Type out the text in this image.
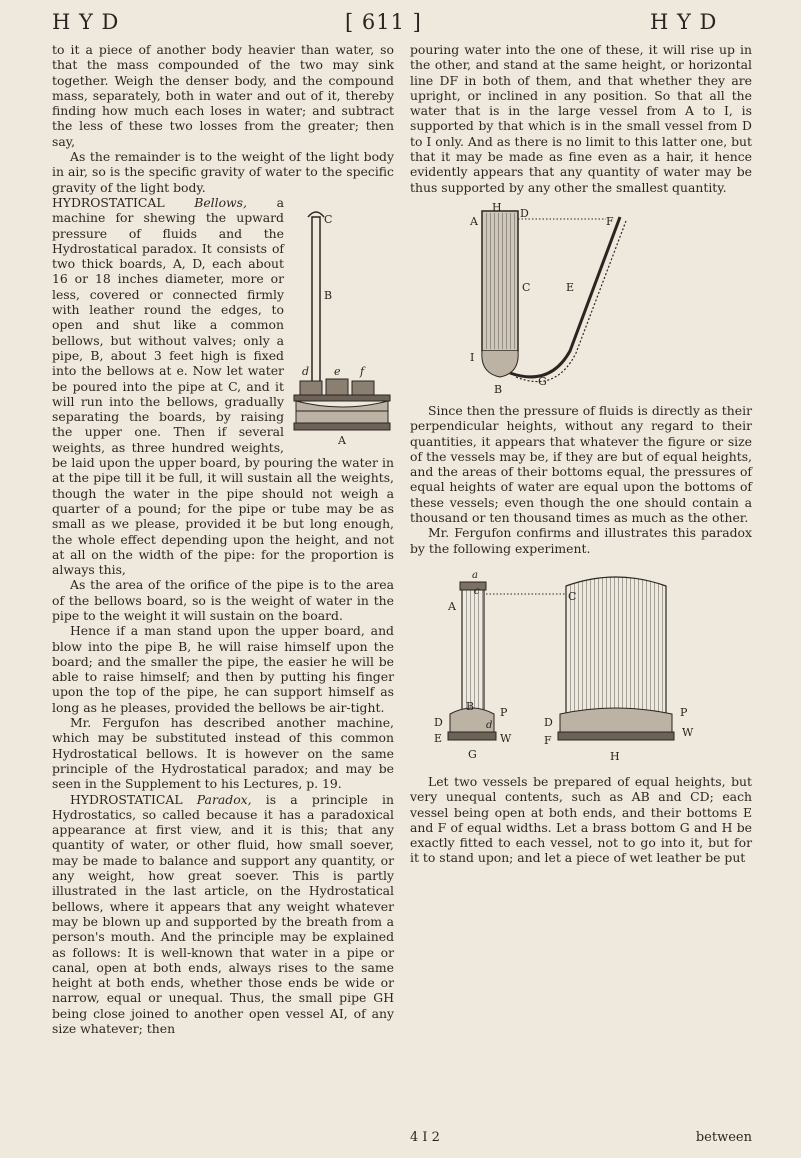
H Y D	[ 611 ]	H Y D

to it a piece of another body heavier than water, so that the mass compounded of the two may sink together. Weigh the denser body, and the compound mass, separately, both in water and out of it, thereby finding how much each loses in water; and subtract the less of these two losses from the greater; then say,

As the remainder is to the weight of the light body in air, so is the specific gravity of water to the specific gravity of the light body.

C
B
d e f
A
HYDROSTATICAL Bellows, a machine for shewing the upward pressure of fluids and the Hydrostatical paradox. It consists of two thick boards, A, D, each about 16 or 18 inches diameter, more or less, covered or connected firmly with leather round the edges, to open and shut like a common bellows, but without valves; only a pipe, B, about 3 feet high is fixed into the bellows at e. Now let water be poured into the pipe at C, and it will run into the bellows, gradually separating the boards, by raising the upper one. Then if several weights, as three hundred weights, be laid upon the upper board, by pouring the water in at the pipe till it be full, it will sustain all the weights, though the water in the pipe should not weigh a quarter of a pound; for the pipe or tube may be as small as we please, provided it be but long enough, the whole effect depending upon the height, and not at all on the width of the pipe: for the proportion is always this,

As the area of the orifice of the pipe is to the area of the bellows board, so is the weight of water in the pipe to the weight it will sustain on the board.

Hence if a man stand upon the upper board, and blow into the pipe B, he will raise himself upon the board; and the smaller the pipe, the easier he will be able to raise himself; and then by putting his finger upon the top of the pipe, he can support himself as long as he pleases, provided the bellows be air-tight.

Mr. Fergufon has described another machine, which may be substituted instead of this common Hydrostatical bellows. It is however on the same principle of the Hydrostatical paradox; and may be seen in the Supplement to his Lectures, p. 19.

HYDROSTATICAL Paradox, is a principle in Hydrostatics, so called because it has a paradoxical appearance at first view, and it is this; that any quantity of water, or other fluid, how small soever, may be made to balance and support any quantity, or any weight, how great soever. This is partly illustrated in the last article, on the Hydrostatical bellows, where it appears that any weight whatever may be blown up and supported by the breath from a person's mouth. And the principle may be explained as follows: It is well-known that water in a pipe or canal, open at both ends, always rises to the same height at both ends, whether those ends be wide or narrow, equal or unequal. Thus, the small pipe GH being close joined to another open vessel AI, of any size whatever; then

pouring water into the one of these, it will rise up in the other, and stand at the same height, or horizontal line DF in both of them, and that whether they are upright, or inclined in any position. So that all the water that is in the large vessel from A to I, is supported by that which is in the small vessel from D to I only. And as there is no limit to this latter one, but that it may be made as fine even as a hair, it hence evidently appears that any quantity of water may be thus supported by any other the smallest quantity.

H
A
D
F
C	E
I
B
G

Since then the pressure of fluids is directly as their perpendicular heights, without any regard to their quantities, it appears that whatever the figure or size of the vessels may be, if they are but of equal heights, and the areas of their bottoms equal, the pressures of equal heights of water are equal upon the bottoms of these vessels; even though the one should contain a thousand or ten thousand times as much as the other.

Mr. Fergufon confirms and illustrates this paradox by the following experiment.

A
a
C
c
B
D
E
P
d
G
W	F
H
D
P
W

Let two vessels be prepared of equal heights, but very unequal contents, such as AB and CD; each vessel being open at both ends, and their bottoms E and F of equal widths. Let a brass bottom G and H be exactly fitted to each vessel, not to go into it, but for it to stand upon; and let a piece of wet leather be put

4 I 2	between
